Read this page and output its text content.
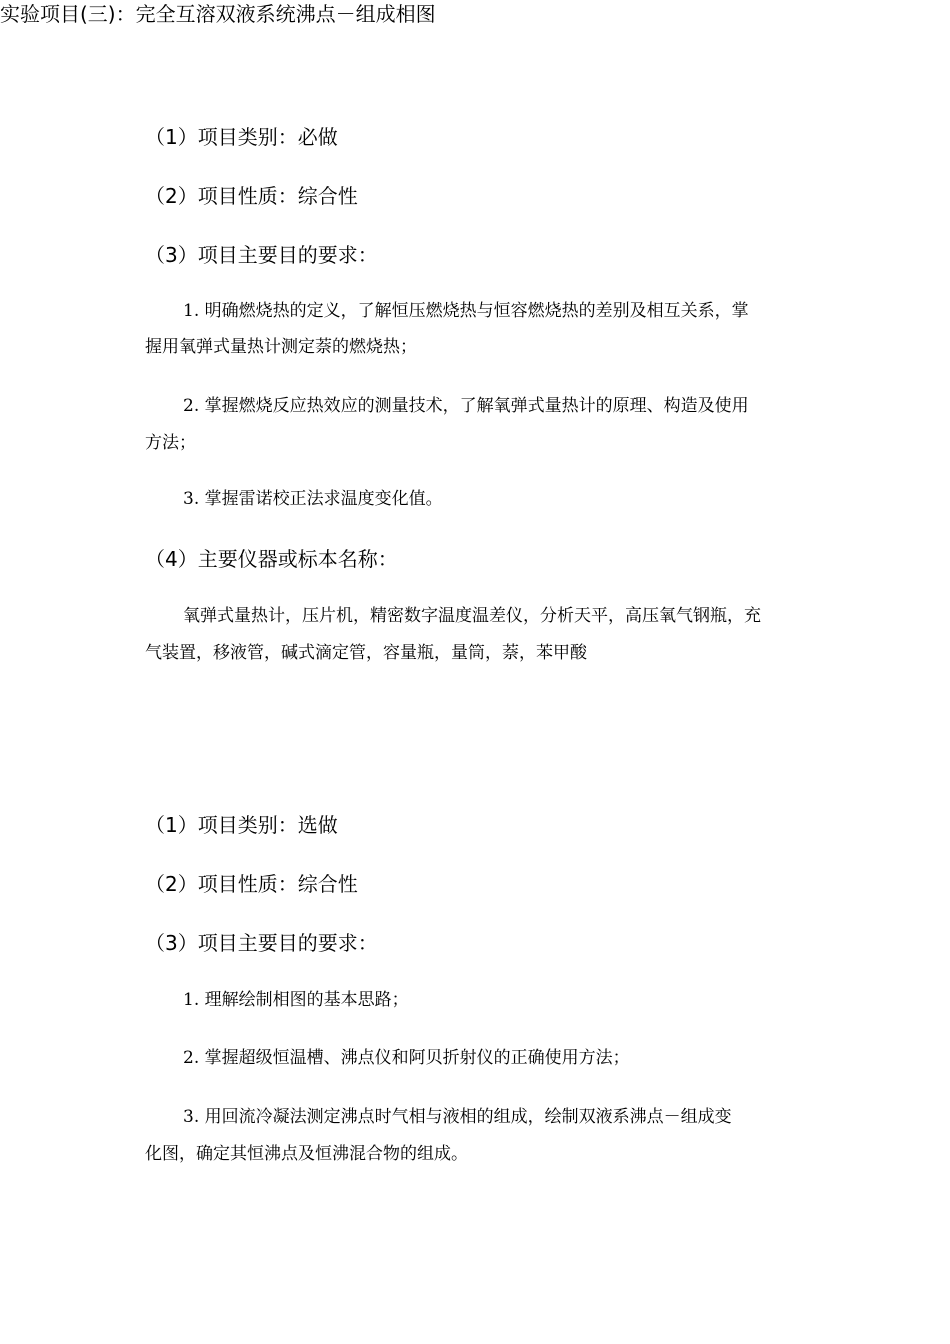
（1）项目类别：必做
（2）项目性质：综合性
（3）项目主要目的要求：
1. 明确燃烧热的定义，了解恒压燃烧热与恒容燃烧热的差别及相互关系，掌
握用氧弹式量热计测定萘的燃烧热；
2. 掌握燃烧反应热效应的测量技术，了解氧弹式量热计的原理、构造及使用
方法；
3. 掌握雷诺校正法求温度变化值。
（4）主要仪器或标本名称：
氧弹式量热计，压片机，精密数字温度温差仪，分析天平，高压氧气钢瓶，充
气装置，移液管，碱式滴定管，容量瓶，量筒，萘，苯甲酸
实验项目(三)：完全互溶双液系统沸点－组成相图
（1）项目类别：选做
（2）项目性质：综合性
（3）项目主要目的要求：
1. 理解绘制相图的基本思路；
2. 掌握超级恒温槽、沸点仪和阿贝折射仪的正确使用方法；
3. 用回流冷凝法测定沸点时气相与液相的组成，绘制双液系沸点－组成变
化图，确定其恒沸点及恒沸混合物的组成。
